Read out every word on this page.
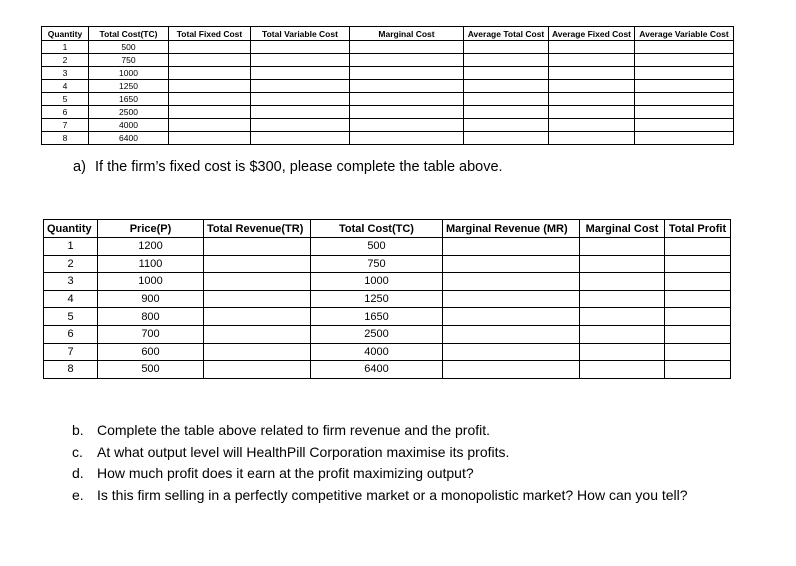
Quantity	Total Cost(TC)	Total Fixed Cost	Total Variable Cost	Marginal Cost	Average Total Cost	Average Fixed Cost	Average Variable Cost
1	500						
2	750						
3	1000						
4	1250						
5	1650						
6	2500						
7	4000						
8	6400						
a) If the firm’s fixed cost is $300, please complete the table above.
Quantity	Price(P)	Total Revenue(TR)	Total Cost(TC)	Marginal Revenue (MR)	Marginal Cost	Total Profit
1	1200		500			
2	1100		750			
3	1000		1000			
4	900		1250			
5	800		1650			
6	700		2500			
7	600		4000			
8	500		6400			
b. Complete the table above related to firm revenue and the profit.
c.	At what output level will HealthPill Corporation maximise its profits.
d. How much profit does it earn at the profit maximizing output?
e. Is this firm selling in a perfectly competitive market or a monopolistic market? How can you tell?
